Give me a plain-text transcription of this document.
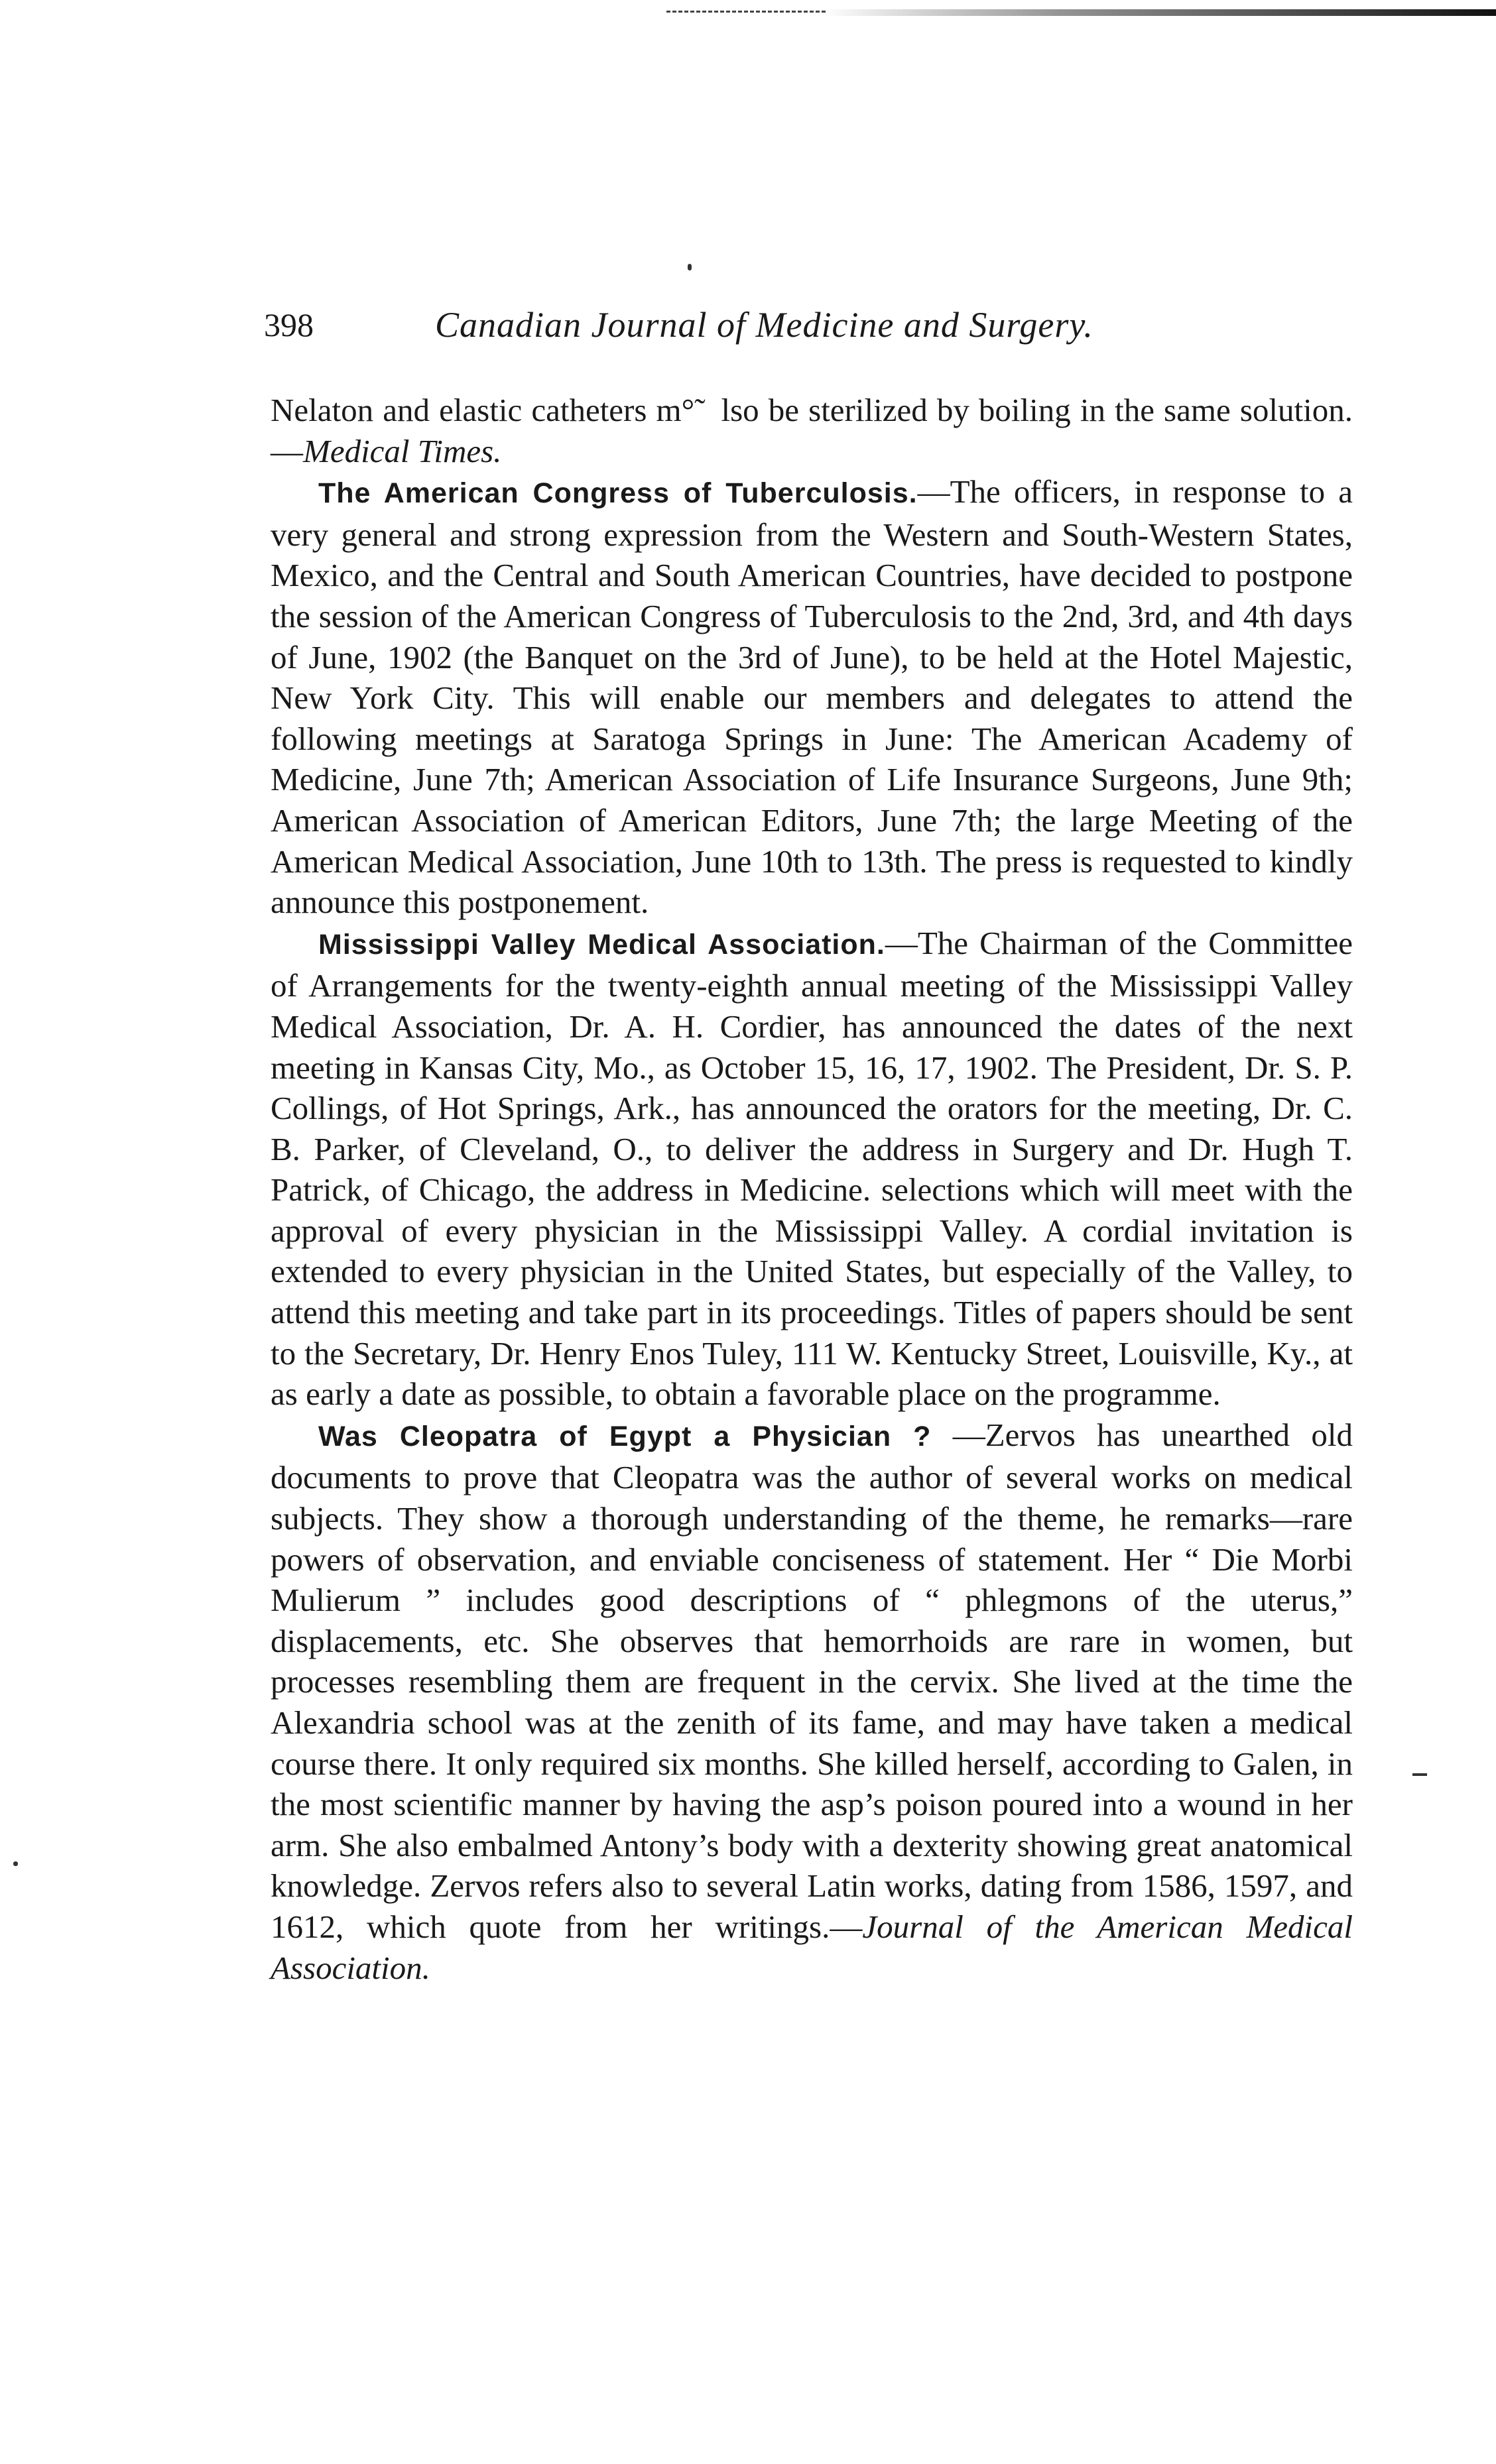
398	Canadian Journal of Medicine and Surgery.

Nelaton and elastic catheters m°˜  lso be sterilized by boiling in the same solution.—Medical Times.

The American Congress of Tuberculosis.—The officers, in response to a very general and strong expression from the Western and South-Western States, Mexico, and the Central and South American Countries, have decided to postpone the session of the American Congress of Tuberculosis to the 2nd, 3rd, and 4th days of June, 1902 (the Banquet on the 3rd of June), to be held at the Hotel Majestic, New York City. This will enable our members and delegates to attend the following meetings at Saratoga Springs in June: The American Academy of Medicine, June 7th; American Association of Life Insurance Surgeons, June 9th; American Association of American Editors, June 7th; the large Meeting of the American Medical Association, June 10th to 13th. The press is requested to kindly announce this postponement.

Mississippi Valley Medical Association.—The Chairman of the Committee of Arrangements for the twenty-eighth annual meeting of the Mississippi Valley Medical Association, Dr. A. H. Cordier, has announced the dates of the next meeting in Kansas City, Mo., as October 15, 16, 17, 1902. The President, Dr. S. P. Collings, of Hot Springs, Ark., has announced the orators for the meeting, Dr. C. B. Parker, of Cleveland, O., to deliver the address in Surgery and Dr. Hugh T. Patrick, of Chicago, the address in Medicine. selections which will meet with the approval of every physician in the Mississippi Valley. A cordial invitation is extended to every physician in the United States, but especially of the Valley, to attend this meeting and take part in its proceedings. Titles of papers should be sent to the Secretary, Dr. Henry Enos Tuley, 111 W. Kentucky Street, Louisville, Ky., at as early a date as possible, to obtain a favorable place on the programme.

Was Cleopatra of Egypt a Physician ? —Zervos has unearthed old documents to prove that Cleopatra was the author of several works on medical subjects. They show a thorough understanding of the theme, he remarks—rare powers of observation, and enviable conciseness of statement. Her “ Die Morbi Mulierum ” includes good descriptions of “ phlegmons of the uterus,” displacements, etc. She observes that hemorrhoids are rare in women, but processes resembling them are frequent in the cervix. She lived at the time the Alexandria school was at the zenith of its fame, and may have taken a medical course there. It only required six months. She killed herself, according to Galen, in the most scientific manner by having the asp’s poison poured into a wound in her arm. She also embalmed Antony’s body with a dexterity showing great anatomical knowledge. Zervos refers also to several Latin works, dating from 1586, 1597, and 1612, which quote from her writings.—Journal of the American Medical Association.
